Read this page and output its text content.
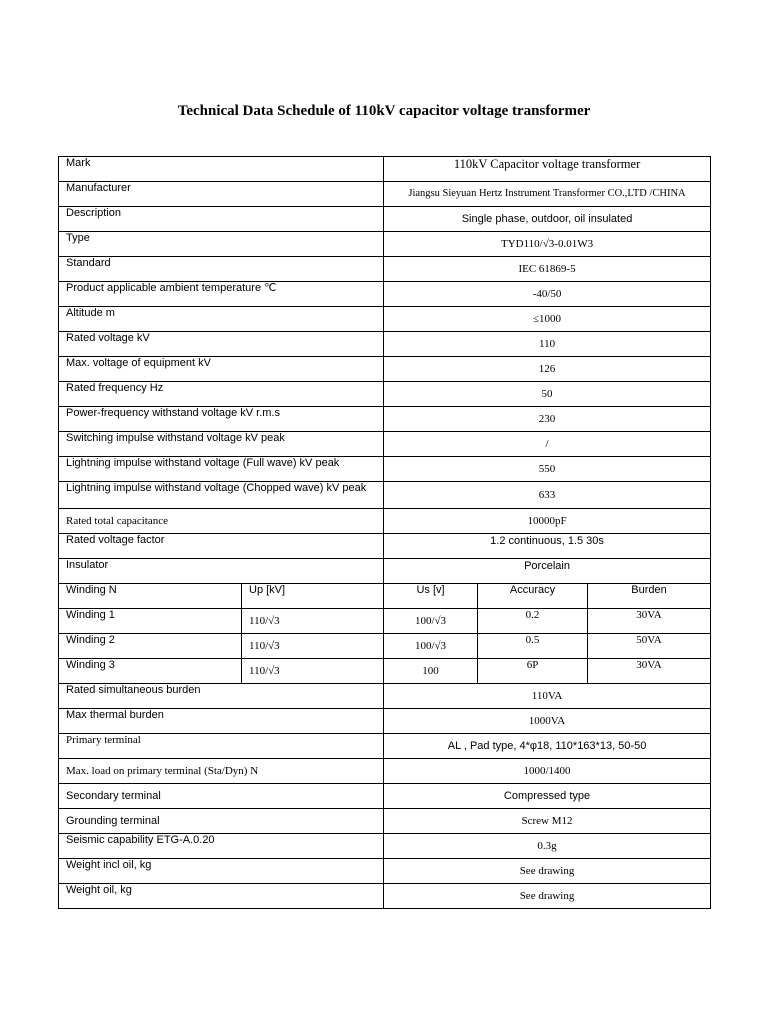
Technical Data Schedule of 110kV capacitor voltage transformer
Mark		110kV Capacitor voltage transformer		
Manufacturer		Jiangsu Sieyuan Hertz Instrument Transformer CO.,LTD /CHINA		
Description		Single phase, outdoor, oil insulated		
Type		TYD110/√3-0.01W3		
Standard		IEC 61869-5		
Product applicable ambient temperature ℃		-40/50		
Altitude m		≤1000		
Rated voltage kV		110		
Max. voltage of equipment kV		126		
Rated frequency Hz		50		
Power-frequency withstand voltage kV r.m.s		230		
Switching impulse withstand voltage kV peak		/		
Lightning impulse withstand voltage (Full wave) kV peak		550		
Lightning impulse withstand voltage (Chopped wave) kV peak		633		
Rated total capacitance		10000pF		
Rated voltage factor		1.2 continuous, 1.5 30s		
Insulator		Porcelain		
Winding N	Up [kV]	Us [v]	Accuracy	Burden
Winding 1	110/√3	100/√3	0.2	30VA
Winding 2	110/√3	100/√3	0.5	50VA
Winding 3	110/√3	100	6P	30VA
Rated simultaneous burden		110VA		
Max thermal burden		1000VA		
Primary terminal		AL , Pad type, 4*φ18, 110*163*13, 50-50		
Max. load on primary terminal (Sta/Dyn) N		1000/1400		
Secondary terminal		Compressed type		
Grounding terminal		Screw M12		
Seismic capability ETG-A.0.20		0.3g		
Weight incl oil, kg		See drawing		
Weight oil, kg		See drawing		
